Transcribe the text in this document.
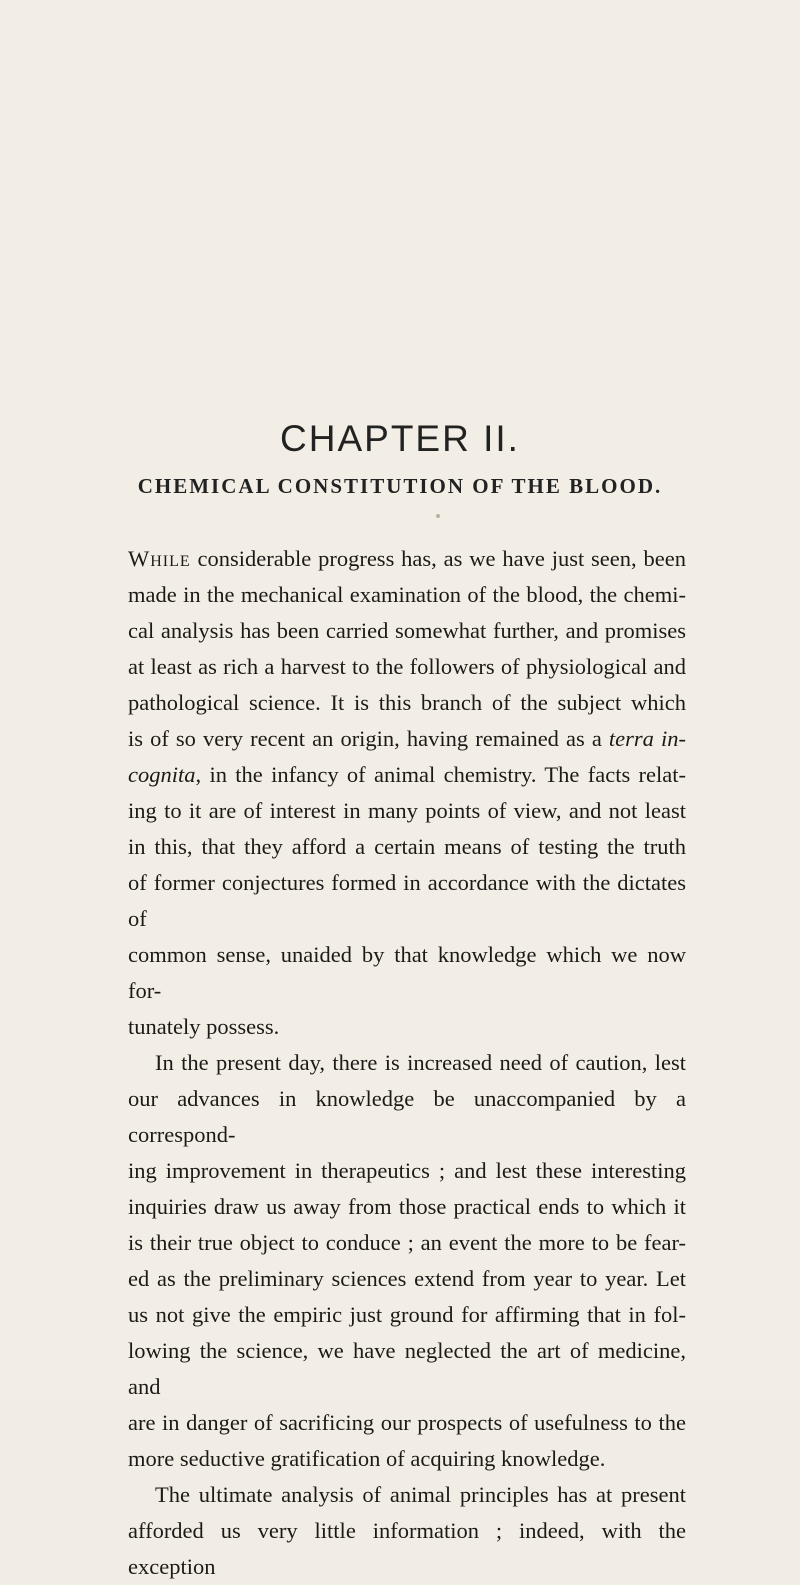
CHAPTER II.
CHEMICAL CONSTITUTION OF THE BLOOD.

While considerable progress has, as we have just seen, been
made in the mechanical examination of the blood, the chemi-
cal analysis has been carried somewhat further, and promises
at least as rich a harvest to the followers of physiological and
pathological science. It is this branch of the subject which
is of so very recent an origin, having remained as a terra in-
cognita, in the infancy of animal chemistry. The facts relat-
ing to it are of interest in many points of view, and not least
in this, that they afford a certain means of testing the truth
of former conjectures formed in accordance with the dictates of
common sense, unaided by that knowledge which we now for-
tunately possess.

In the present day, there is increased need of caution, lest
our advances in knowledge be unaccompanied by a correspond-
ing improvement in therapeutics ; and lest these interesting
inquiries draw us away from those practical ends to which it
is their true object to conduce ; an event the more to be fear-
ed as the preliminary sciences extend from year to year. Let
us not give the empiric just ground for affirming that in fol-
lowing the science, we have neglected the art of medicine, and
are in danger of sacrificing our prospects of usefulness to the
more seductive gratification of acquiring knowledge.

The ultimate analysis of animal principles has at present
afforded us very little information ; indeed, with the exception
